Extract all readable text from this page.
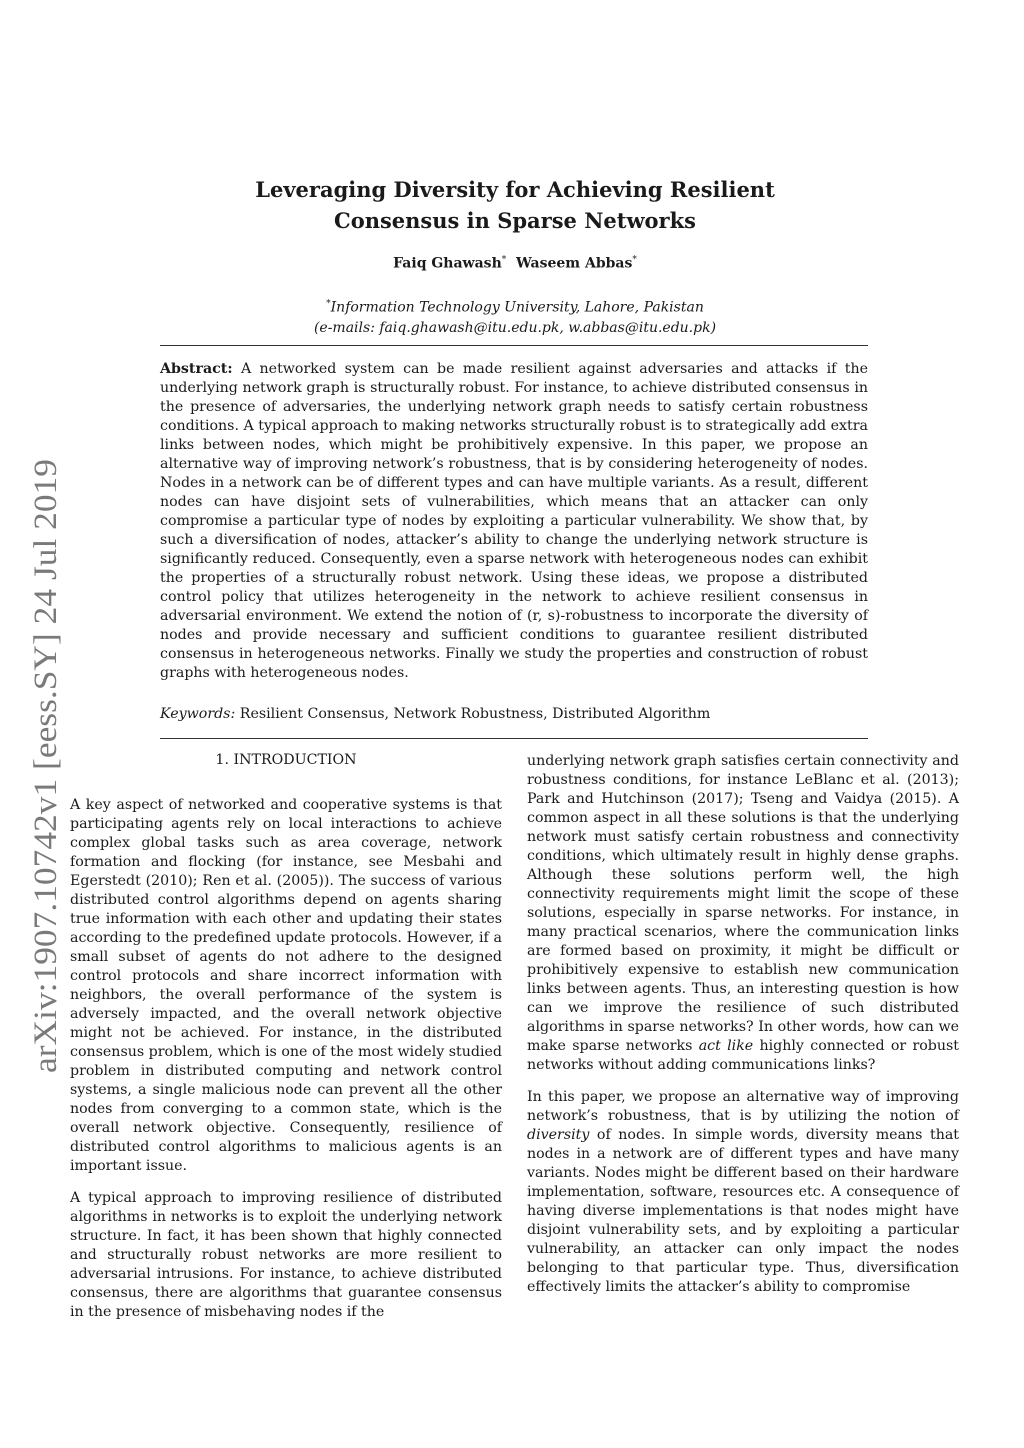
arXiv:1907.10742v1 [eess.SY] 24 Jul 2019
Leveraging Diversity for Achieving Resilient
Consensus in Sparse Networks
Faiq Ghawash* Waseem Abbas*
*Information Technology University, Lahore, Pakistan
(e-mails: faiq.ghawash@itu.edu.pk, w.abbas@itu.edu.pk)

Abstract: A networked system can be made resilient against adversaries and attacks if the underlying network graph is structurally robust. For instance, to achieve distributed consensus in the presence of adversaries, the underlying network graph needs to satisfy certain robustness conditions. A typical approach to making networks structurally robust is to strategically add extra links between nodes, which might be prohibitively expensive. In this paper, we propose an alternative way of improving network’s robustness, that is by considering heterogeneity of nodes. Nodes in a network can be of different types and can have multiple variants. As a result, different nodes can have disjoint sets of vulnerabilities, which means that an attacker can only compromise a particular type of nodes by exploiting a particular vulnerability. We show that, by such a diversification of nodes, attacker’s ability to change the underlying network structure is significantly reduced. Consequently, even a sparse network with heterogeneous nodes can exhibit the properties of a structurally robust network. Using these ideas, we propose a distributed control policy that utilizes heterogeneity in the network to achieve resilient consensus in adversarial environment. We extend the notion of (r, s)-robustness to incorporate the diversity of nodes and provide necessary and sufficient conditions to guarantee resilient distributed consensus in heterogeneous networks. Finally we study the properties and construction of robust graphs with heterogeneous nodes.

Keywords: Resilient Consensus, Network Robustness, Distributed Algorithm

1. INTRODUCTION

A key aspect of networked and cooperative systems is that participating agents rely on local interactions to achieve complex global tasks such as area coverage, network formation and flocking (for instance, see Mesbahi and Egerstedt (2010); Ren et al. (2005)). The success of various distributed control algorithms depend on agents sharing true information with each other and updating their states according to the predefined update protocols. However, if a small subset of agents do not adhere to the designed control protocols and share incorrect information with neighbors, the overall performance of the system is adversely impacted, and the overall network objective might not be achieved. For instance, in the distributed consensus problem, which is one of the most widely studied problem in distributed computing and network control systems, a single malicious node can prevent all the other nodes from converging to a common state, which is the overall network objective. Consequently, resilience of distributed control algorithms to malicious agents is an important issue.

A typical approach to improving resilience of distributed algorithms in networks is to exploit the underlying network structure. In fact, it has been shown that highly connected and structurally robust networks are more resilient to adversarial intrusions. For instance, to achieve distributed consensus, there are algorithms that guarantee consensus in the presence of misbehaving nodes if the

underlying network graph satisfies certain connectivity and robustness conditions, for instance LeBlanc et al. (2013); Park and Hutchinson (2017); Tseng and Vaidya (2015). A common aspect in all these solutions is that the underlying network must satisfy certain robustness and connectivity conditions, which ultimately result in highly dense graphs. Although these solutions perform well, the high connectivity requirements might limit the scope of these solutions, especially in sparse networks. For instance, in many practical scenarios, where the communication links are formed based on proximity, it might be difficult or prohibitively expensive to establish new communication links between agents. Thus, an interesting question is how can we improve the resilience of such distributed algorithms in sparse networks? In other words, how can we make sparse networks act like highly connected or robust networks without adding communications links?

In this paper, we propose an alternative way of improving network’s robustness, that is by utilizing the notion of diversity of nodes. In simple words, diversity means that nodes in a network are of different types and have many variants. Nodes might be different based on their hardware implementation, software, resources etc. A consequence of having diverse implementations is that nodes might have disjoint vulnerability sets, and by exploiting a particular vulnerability, an attacker can only impact the nodes belonging to that particular type. Thus, diversification effectively limits the attacker’s ability to compromise
